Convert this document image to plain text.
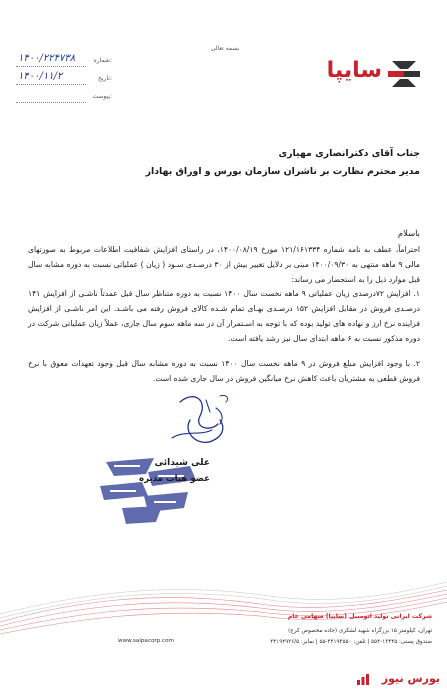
بسمه تعالی
شماره:
۱۴۰۰/۲۲۴۷۳۸
تاریخ:
۱۴۰۰/۱۱/۲
پیوست:
سایپا
جناب آقای دکترانصاری مهیاری
مدیر محترم نظارت بر ناشران سازمان بورس و اوراق بهادار
باسلام
احتراماً، عطف به نامه شماره ۱۲۱/۱۶۱۳۳۴ مورخ ۱۴۰۰/۰۸/۱۹، در راستای افزایش شفافیت اطلاعات مربوط به صورتهای مالی ۹ ماهه منتهی به ۱۴۰۰/۰۹/۳۰ مبنی بر دلایل تغییر بیش از ۳۰ درصـدی سـود ( زیان ) عملیاتی نسبت به دوره مشابه سال قبل موارد ذیل را به استحضار می رساند:
۱. افزایش ۷۲درصدی زیان عملیاتی ۹ ماهه نخست سال ۱۴۰۰ نسبت به دوره متناظر سال قبل عمدتاً ناشـی از افزایش ۱۴۱ درصـدی فروش در مقابل افزایش ۱۵۲ درصـدی بهـای تمام شـده کالای فروش رفته می باشـد. این امر ناشـی از افزایش فزاینده نرخ ارز و نهاده های تولید بوده که با توجه به اسـتمرار آن در سه ماهه سوم سال جاری، عملاً زیان عملیاتی شرکت در دوره مذکور نسبت به ۶ ماهه ابتدای سال نیز رشد یافته است.
۲. با وجود افزایش مبلغ فروش در ۹ ماهه نخست سال ۱۴۰۰ نسبت به دوره مشابه سال قبل وجود تعهدات معوق با نرخ فروش قطعی به مشتریان باعث کاهش نرخ میانگین فروش در سال جاری شده است.
علی شیدائی
عضو هیات مدیره
شرکت ایرانی تولید اتومبیل (سایپا) سهامی عام
تهران، کیلومتر ۱۵ بزرگراه شهید لشکری (جاده مخصوص کرج)
صندوق پستی: ۱۳۴۴۵-۵۵۴ | تلفن: ۴۴۱۹۴۵۵۰-۵۵ | نمابر: ۴۴۱۹۴۹۳۶/۵
www.saipacorp.com
بورس نیوز
